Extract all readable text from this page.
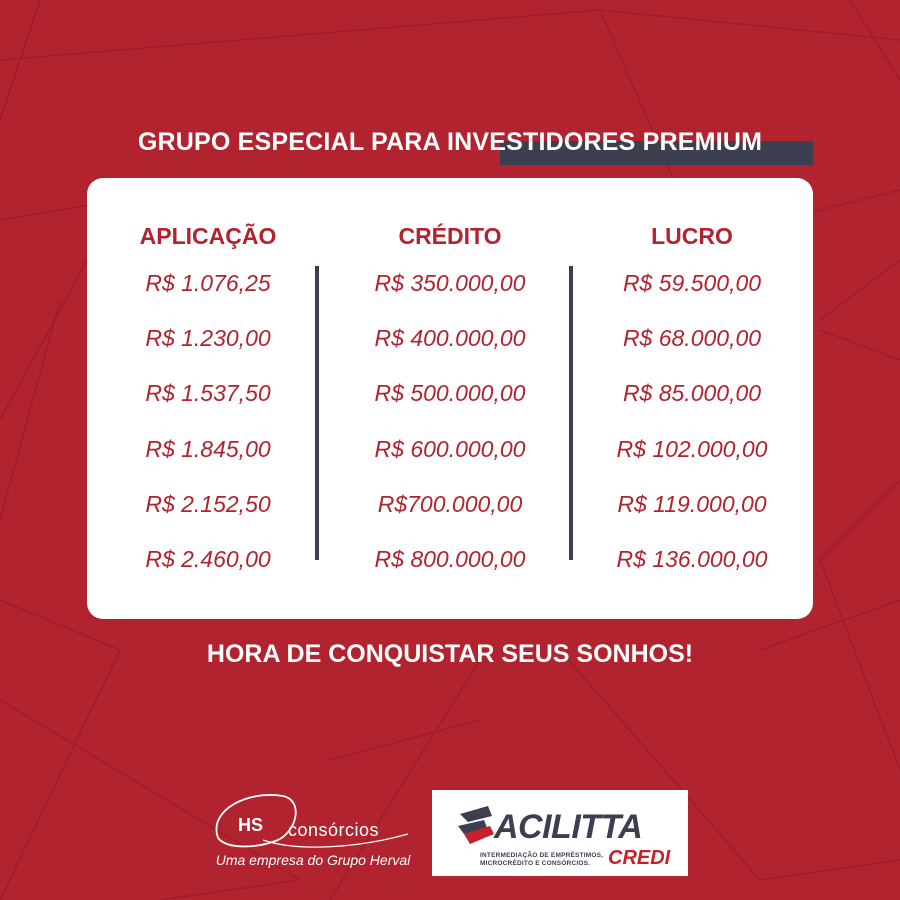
GRUPO ESPECIAL PARA INVESTIDORES PREMIUM
APLICAÇÃO
R$ 1.076,25
R$ 1.230,00
R$ 1.537,50
R$ 1.845,00
R$ 2.152,50
R$ 2.460,00
CRÉDITO
R$ 350.000,00
R$ 400.000,00
R$ 500.000,00
R$ 600.000,00
R$700.000,00
R$ 800.000,00
LUCRO
R$ 59.500,00
R$ 68.000,00
R$ 85.000,00
R$ 102.000,00
R$ 119.000,00
R$ 136.000,00
HORA DE CONQUISTAR SEUS SONHOS!
HS consórcios
Uma empresa do Grupo Herval
ACILITTA
INTERMEDIAÇÃO DE EMPRÉSTIMOS,
MICROCRÉDITO E CONSÓRCIOS. CREDI
